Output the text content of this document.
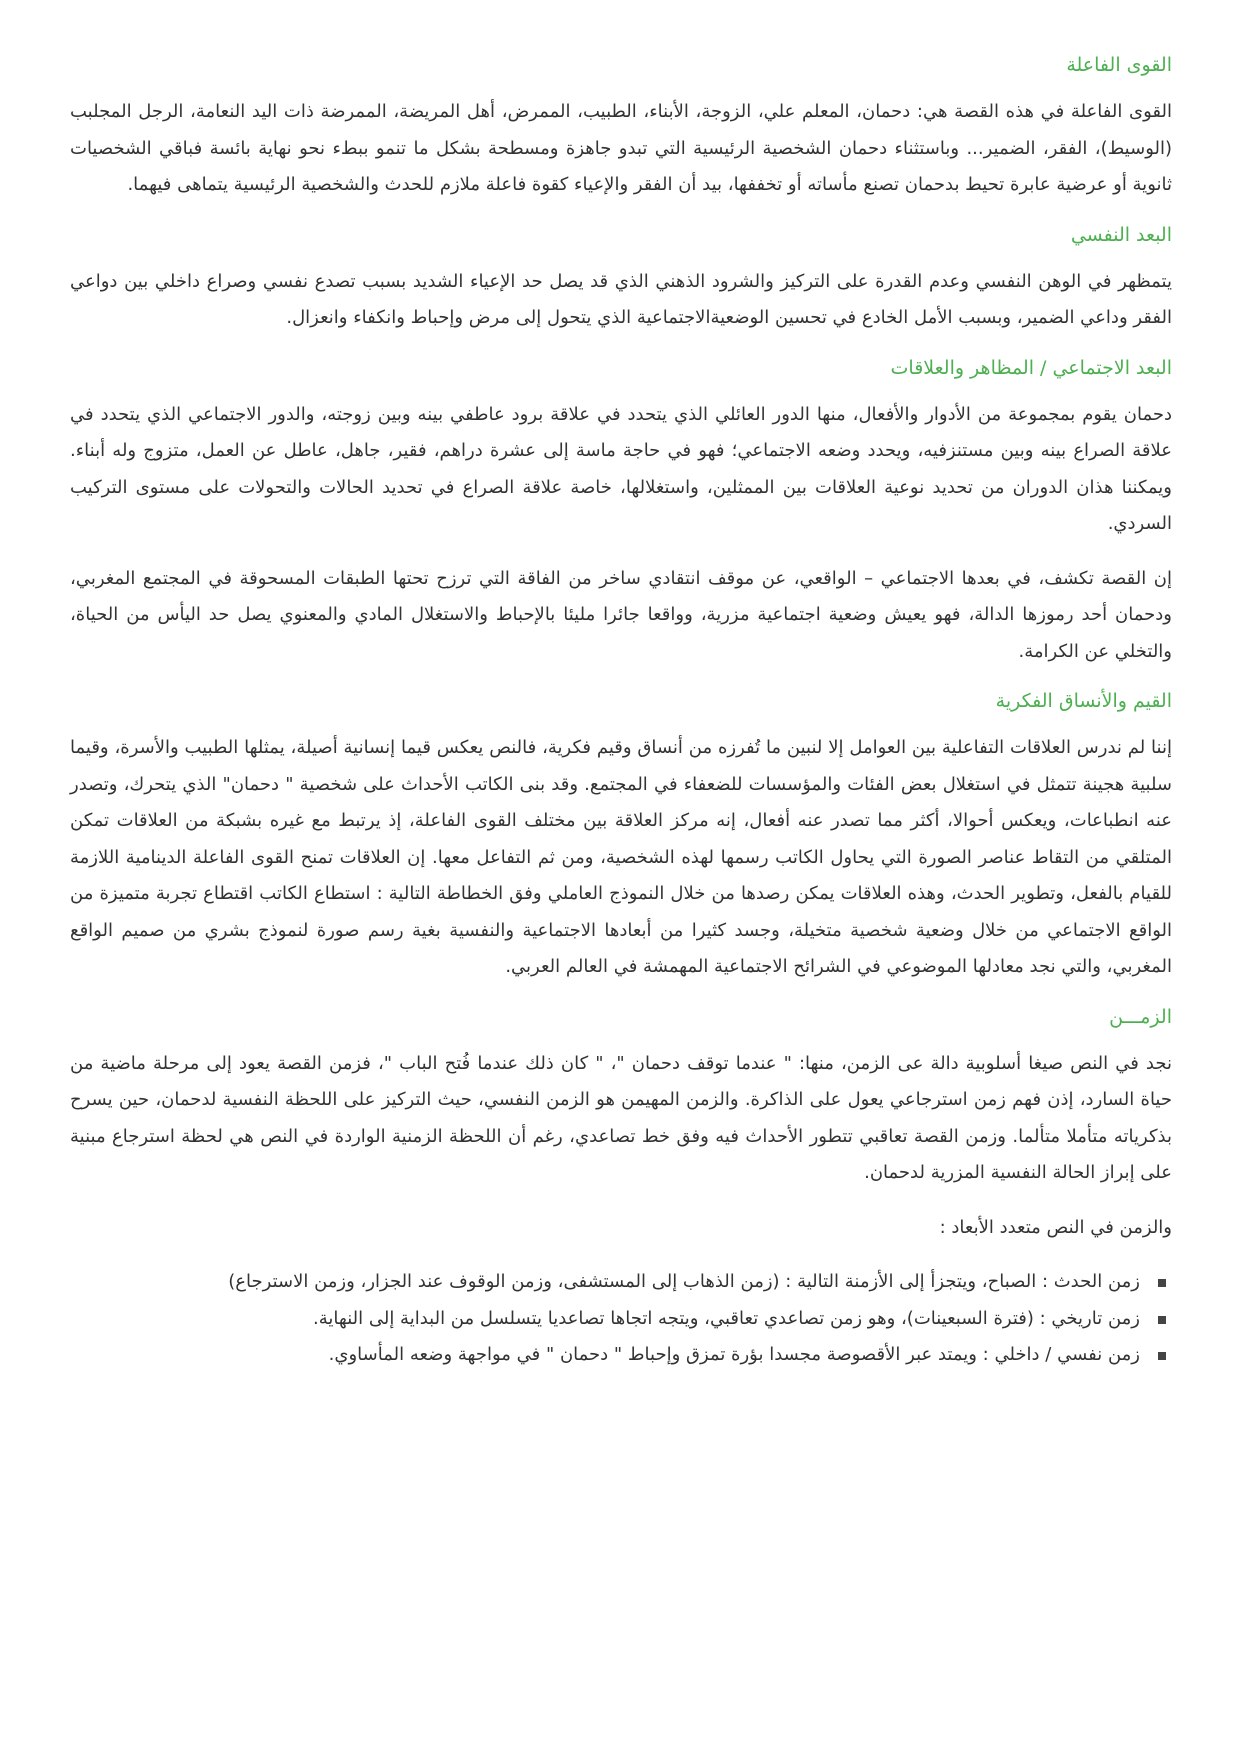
القوى الفاعلة

القوى الفاعلة في هذه القصة هي: دحمان، المعلم علي، الزوجة، الأبناء، الطبيب، الممرض، أهل المريضة، الممرضة ذات اليد النعامة، الرجل المجلبب (الوسيط)، الفقر، الضمير... وباستثناء دحمان الشخصية الرئيسية التي تبدو جاهزة ومسطحة بشكل ما تنمو ببطء نحو نهاية بائسة فباقي الشخصيات ثانوية أو عرضية عابرة تحيط بدحمان تصنع مأساته أو تخففها، بيد أن الفقر والإعياء كقوة فاعلة ملازم للحدث والشخصية الرئيسية يتماهى فيهما.

البعد النفسي

يتمظهر في الوهن النفسي وعدم القدرة على التركيز والشرود الذهني الذي قد يصل حد الإعياء الشديد بسبب تصدع نفسي وصراع داخلي بين دواعي الفقر وداعي الضمير، وبسبب الأمل الخادع في تحسين الوضعيةالاجتماعية الذي يتحول إلى مرض وإحباط وانكفاء وانعزال.

البعد الاجتماعي / المظاهر والعلاقات

دحمان يقوم بمجموعة من الأدوار والأفعال، منها الدور العائلي الذي يتحدد في علاقة برود عاطفي بينه وبين زوجته، والدور الاجتماعي الذي يتحدد في علاقة الصراع بينه وبين مستنزفيه، ويحدد وضعه الاجتماعي؛ فهو في حاجة ماسة إلى عشرة دراهم، فقير، جاهل، عاطل عن العمل، متزوج وله أبناء. ويمكننا هذان الدوران من تحديد نوعية العلاقات بين الممثلين، واستغلالها، خاصة علاقة الصراع في تحديد الحالات والتحولات على مستوى التركيب السردي.

إن القصة تكشف، في بعدها الاجتماعي – الواقعي، عن موقف انتقادي ساخر من الفاقة التي ترزح تحتها الطبقات المسحوقة في المجتمع المغربي، ودحمان أحد رموزها الدالة، فهو يعيش وضعية اجتماعية مزرية، وواقعا جائرا مليئا بالإحباط والاستغلال المادي والمعنوي يصل حد اليأس من الحياة، والتخلي عن الكرامة.

القيم والأنساق الفكرية

إننا لم ندرس العلاقات التفاعلية بين العوامل إلا لنبين ما تُفرزه من أنساق وقيم فكرية، فالنص يعكس قيما إنسانية أصيلة، يمثلها الطبيب والأسرة، وقيما سلبية هجينة تتمثل في استغلال بعض الفئات والمؤسسات للضعفاء في المجتمع. وقد بنى الكاتب الأحداث على شخصية " دحمان" الذي يتحرك، وتصدر عنه انطباعات، ويعكس أحوالا، أكثر مما تصدر عنه أفعال، إنه مركز العلاقة بين مختلف القوى الفاعلة، إذ يرتبط مع غيره بشبكة من العلاقات تمكن المتلقي من التقاط عناصر الصورة التي يحاول الكاتب رسمها لهذه الشخصية، ومن ثم التفاعل معها. إن العلاقات تمنح القوى الفاعلة الدينامية اللازمة للقيام بالفعل، وتطوير الحدث، وهذه العلاقات يمكن رصدها من خلال النموذج العاملي وفق الخطاطة التالية : استطاع الكاتب اقتطاع تجربة متميزة من الواقع الاجتماعي من خلال وضعية شخصية متخيلة، وجسد كثيرا من أبعادها الاجتماعية والنفسية بغية رسم صورة لنموذج بشري من صميم الواقع المغربي، والتي نجد معادلها الموضوعي في الشرائح الاجتماعية المهمشة في العالم العربي.

الزمـــن

نجد في النص صيغا أسلوبية دالة عى الزمن، منها: " عندما توقف دحمان "، " كان ذلك عندما فُتح الباب "، فزمن القصة يعود إلى مرحلة ماضية من حياة السارد، إذن فهم زمن استرجاعي يعول على الذاكرة. والزمن المهيمن هو الزمن النفسي، حيث التركيز على اللحظة النفسية لدحمان، حين يسرح بذكرياته متأملا متألما. وزمن القصة تعاقبي تتطور الأحداث فيه وفق خط تصاعدي، رغم أن اللحظة الزمنية الواردة في النص هي لحظة استرجاع مبنية على إبراز الحالة النفسية المزرية لدحمان.

والزمن في النص متعدد الأبعاد :

زمن الحدث : الصباح، ويتجزأ إلى الأزمنة التالية : (زمن الذهاب إلى المستشفى، وزمن الوقوف عند الجزار، وزمن الاسترجاع)
زمن تاريخي : (فترة السبعينات)، وهو زمن تصاعدي تعاقبي، ويتجه اتجاها تصاعديا يتسلسل من البداية إلى النهاية.
زمن نفسي / داخلي : ويمتد عبر الأقصوصة مجسدا بؤرة تمزق وإحباط " دحمان " في مواجهة وضعه المأساوي.
